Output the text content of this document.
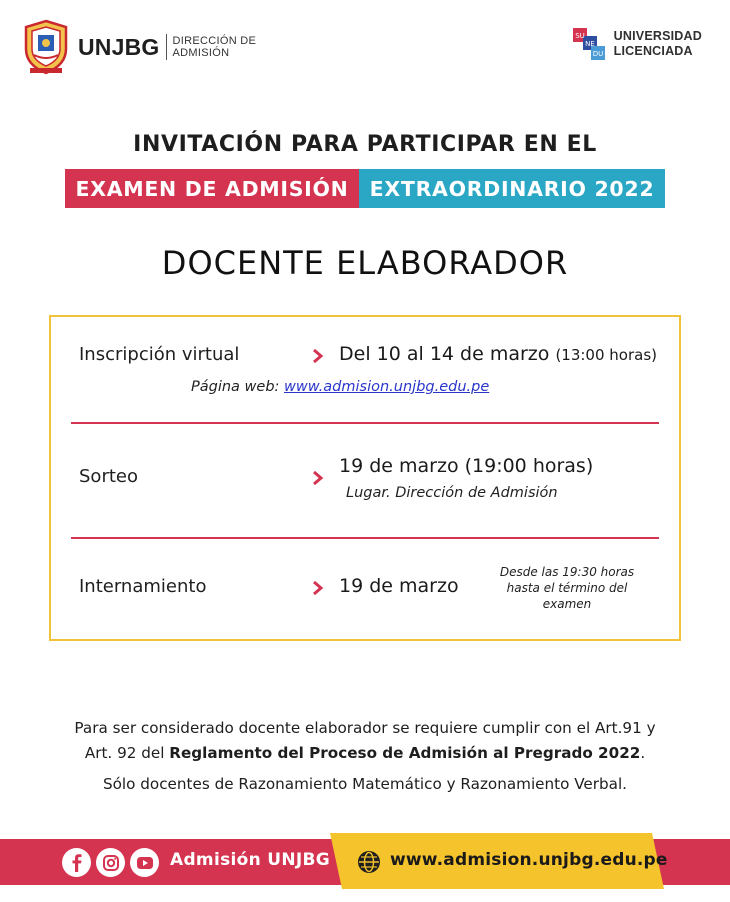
UNJBG DIRECCIÓN DE
ADMISIÓN
SU
NE
DU
UNIVERSIDAD
LICENCIADA
INVITACIÓN PARA PARTICIPAR EN EL
EXAMEN DE ADMISIÓN	EXTRAORDINARIO 2022
DOCENTE ELABORADOR
Inscripción virtual	Del 10 al 14 de marzo (13:00 horas)
Página web: www.admision.unjbg.edu.pe
Sorteo	19 de marzo (19:00 horas)
Lugar. Dirección de Admisión
Internamiento	19 de marzo
Desde las 19:30 horas
hasta el término del
examen
Para ser considerado docente elaborador se requiere cumplir con el Art.91 y
Art. 92 del Reglamento del Proceso de Admisión al Pregrado 2022.
Sólo docentes de Razonamiento Matemático y Razonamiento Verbal.
Admisión UNJBG	www.admision.unjbg.edu.pe
